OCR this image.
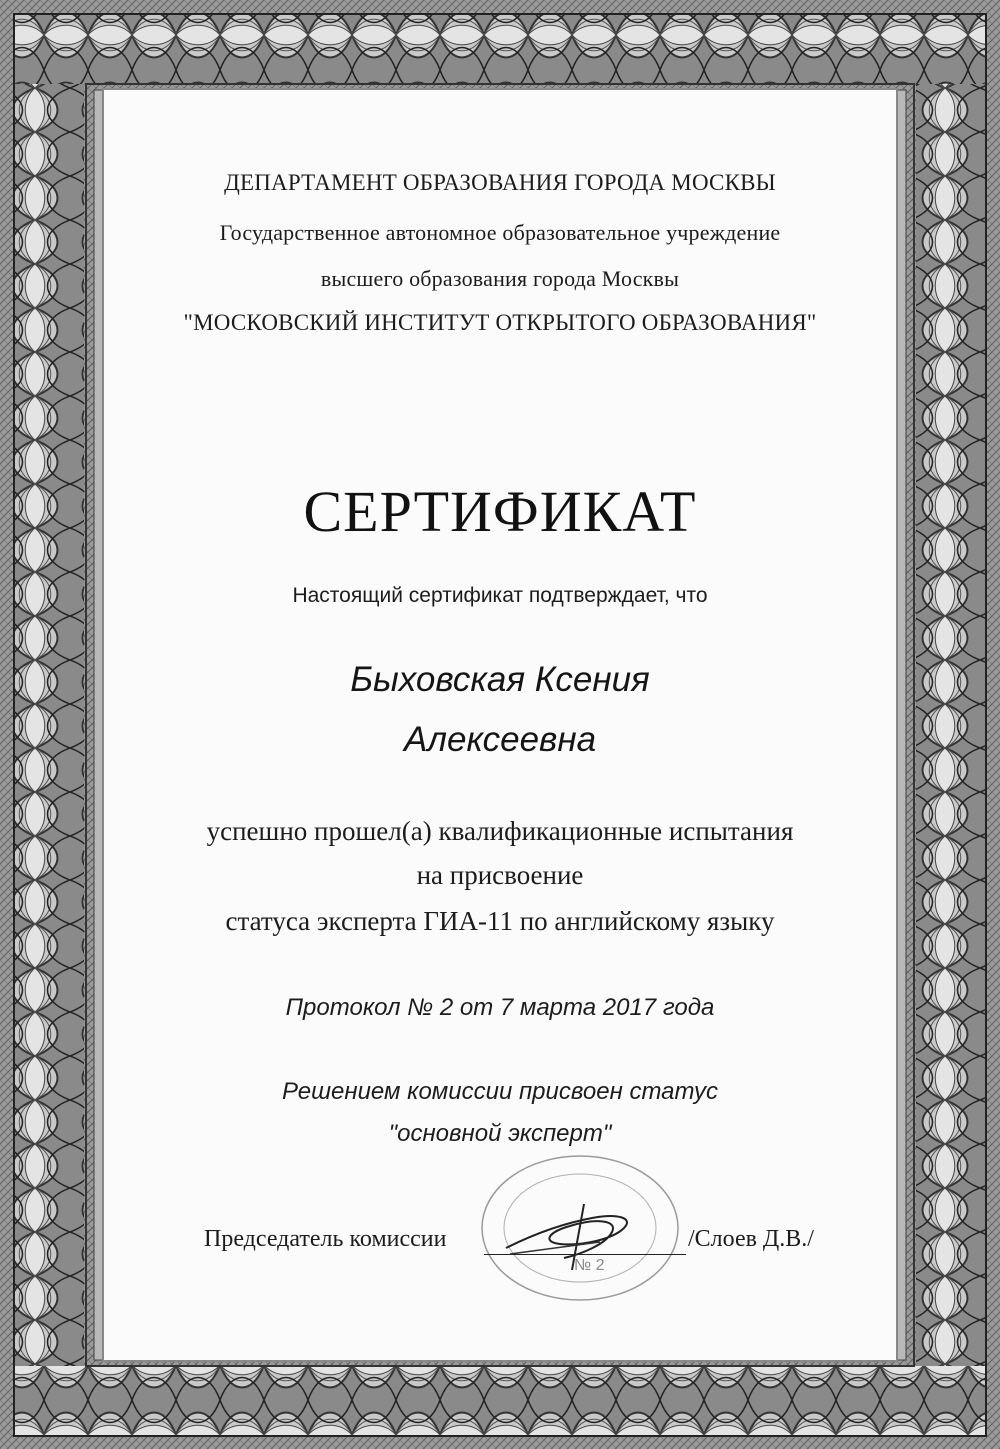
ДЕПАРТАМЕНТ ОБРАЗОВАНИЯ ГОРОДА МОСКВЫ
Государственное автономное образовательное учреждение
высшего образования города Москвы
"МОСКОВСКИЙ ИНСТИТУТ ОТКРЫТОГО ОБРАЗОВАНИЯ"
СЕРТИФИКАТ
Настоящий сертификат подтверждает, что
Быховская Ксения
Алексеевна
успешно прошел(а) квалификационные испытания
на присвоение
статуса эксперта ГИА-11 по английскому языку
Протокол № 2 от 7 марта 2017 года
Решением комиссии присвоен статус
"основной эксперт"
№ 2
Председатель комиссии	/Слоев Д.В./
